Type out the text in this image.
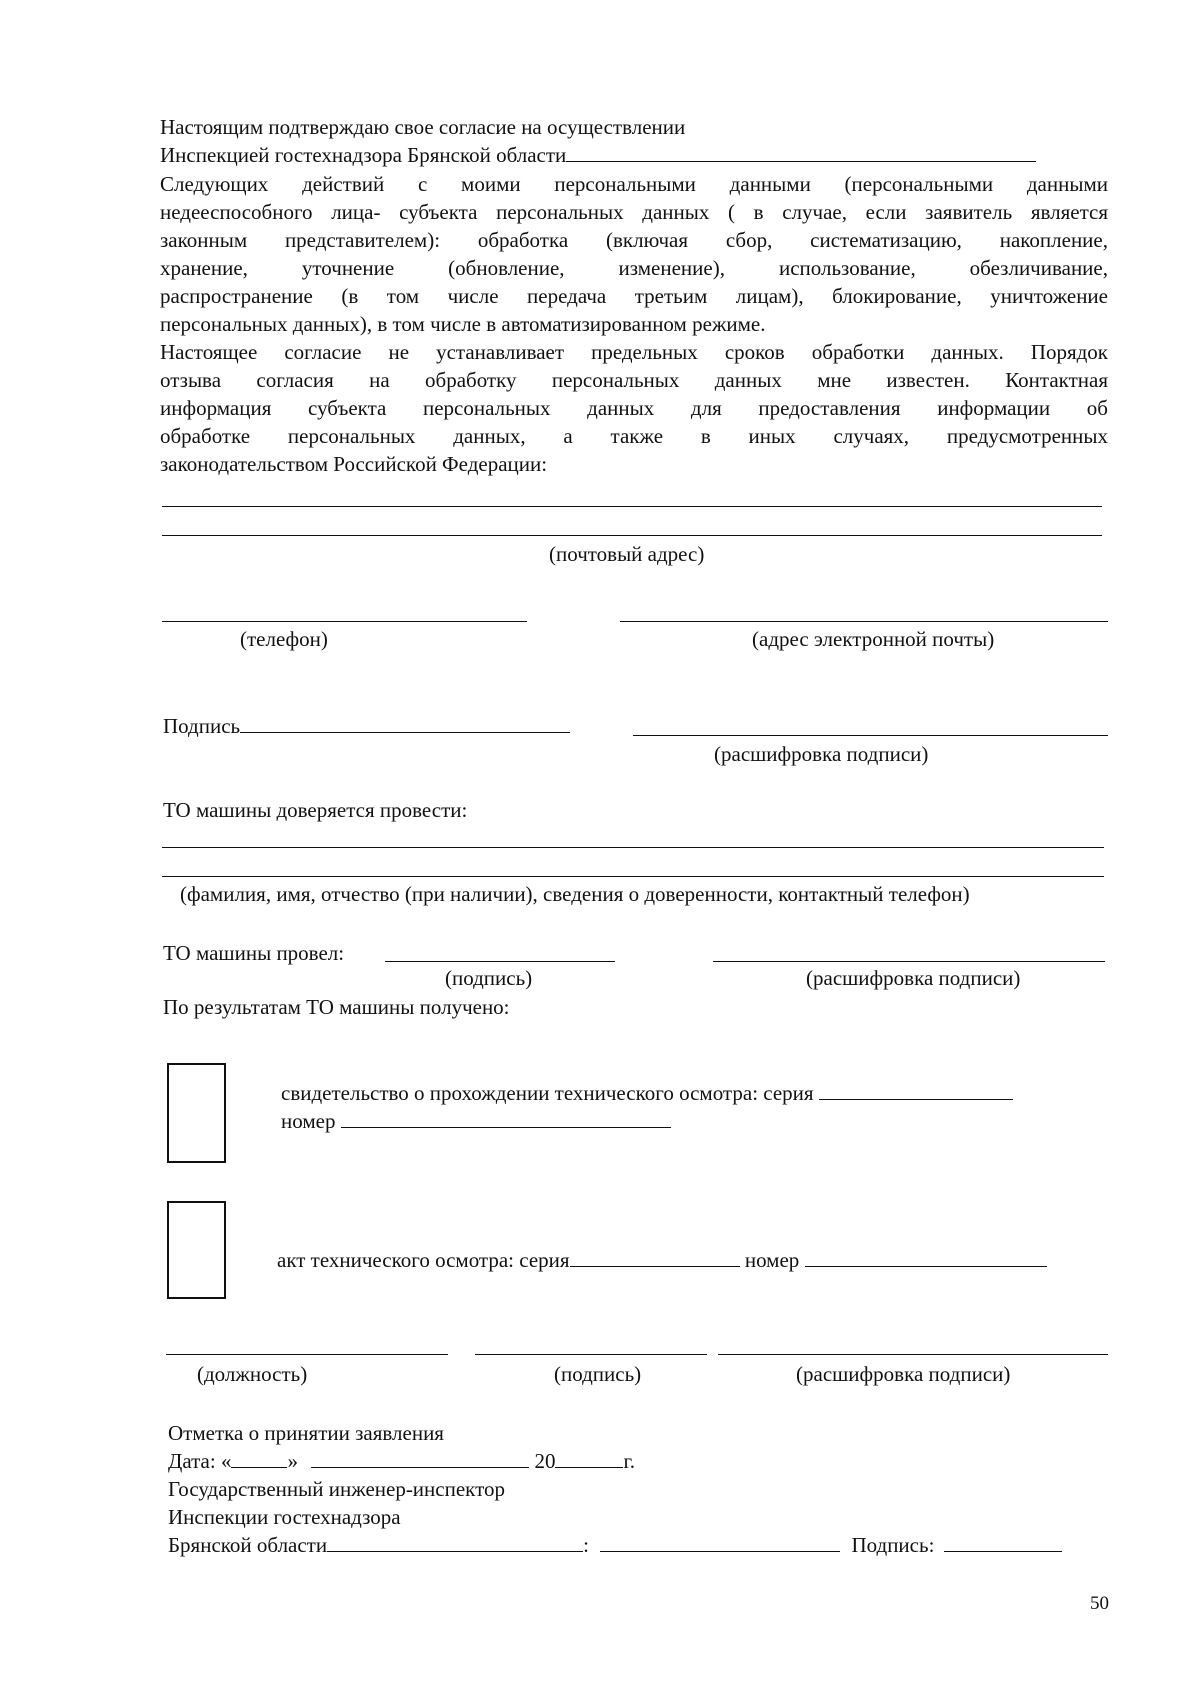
Настоящим подтверждаю свое согласие на осуществлении
Инспекцией гостехнадзора Брянской области
Следующих действий с моими персональными данными (персональными данными
недееспособного лица- субъекта персональных данных ( в случае, если заявитель является
законным представителем): обработка (включая сбор, систематизацию, накопление,
хранение, уточнение (обновление, изменение), использование, обезличивание,
распространение (в том числе передача третьим лицам), блокирование, уничтожение
персональных данных), в том числе в автоматизированном режиме.
Настоящее согласие не устанавливает предельных сроков обработки данных. Порядок
отзыва согласия на обработку персональных данных мне известен. Контактная
информация субъекта персональных данных для предоставления информации об
обработке персональных данных, а также в иных случаях, предусмотренных
законодательством Российской Федерации:
(почтовый адрес)
(телефон)	(адрес электронной почты)
Подпись
(расшифровка подписи)
ТО машины доверяется провести:
(фамилия, имя, отчество (при наличии), сведения о доверенности, контактный телефон)
ТО машины провел:
(подпись)	(расшифровка подписи)
По результатам ТО машины получено:
свидетельство о прохождении технического осмотра: серия
номер
акт технического осмотра: серия	номер
(должность)	(подпись)	(расшифровка подписи)
Отметка о принятии заявления
Дата: «	»	20	г.
Государственный инженер-инспектор
Инспекции гостехнадзора
Брянской области	:	Подпись:
50
